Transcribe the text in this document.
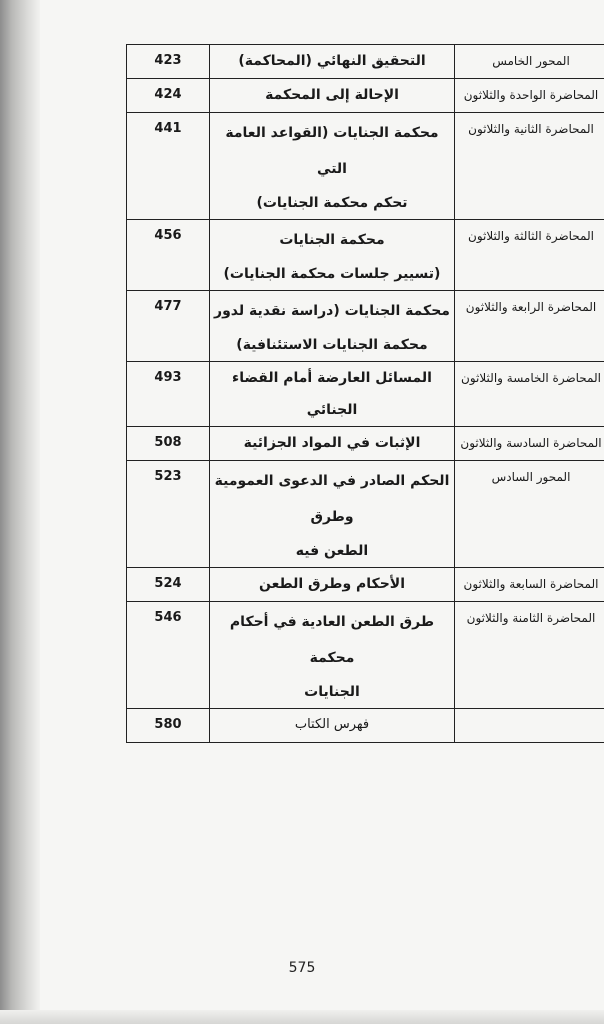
المحور الخامس	التحقيق النهائي (المحاكمة)	423

المحاضرة الواحدة والثلاثون	الإحالة إلى المحكمة	424

المحاضرة الثانية والثلاثون	محكمة الجنايات (القواعد العامة التي
تحكم محكمة الجنايات)	441

المحاضرة الثالثة والثلاثون	محكمة الجنايات
(تسيير جلسات محكمة الجنايات)	456

المحاضرة الرابعة والثلاثون	محكمة الجنايات (دراسة نقدية لدور
محكمة الجنايات الاستئنافية)	477

المحاضرة الخامسة والثلاثون	المسائل العارضة أمام القضاء الجنائي	493

المحاضرة السادسة والثلاثون	الإثبات في المواد الجزائية	508

المحور السادس	الحكم الصادر في الدعوى العمومية وطرق
الطعن فيه	523

المحاضرة السابعة والثلاثون	الأحكام وطرق الطعن	524

المحاضرة الثامنة والثلاثون	طرق الطعن العادية في أحكام محكمة
الجنايات	546

	فهرس الكتاب	580
575
